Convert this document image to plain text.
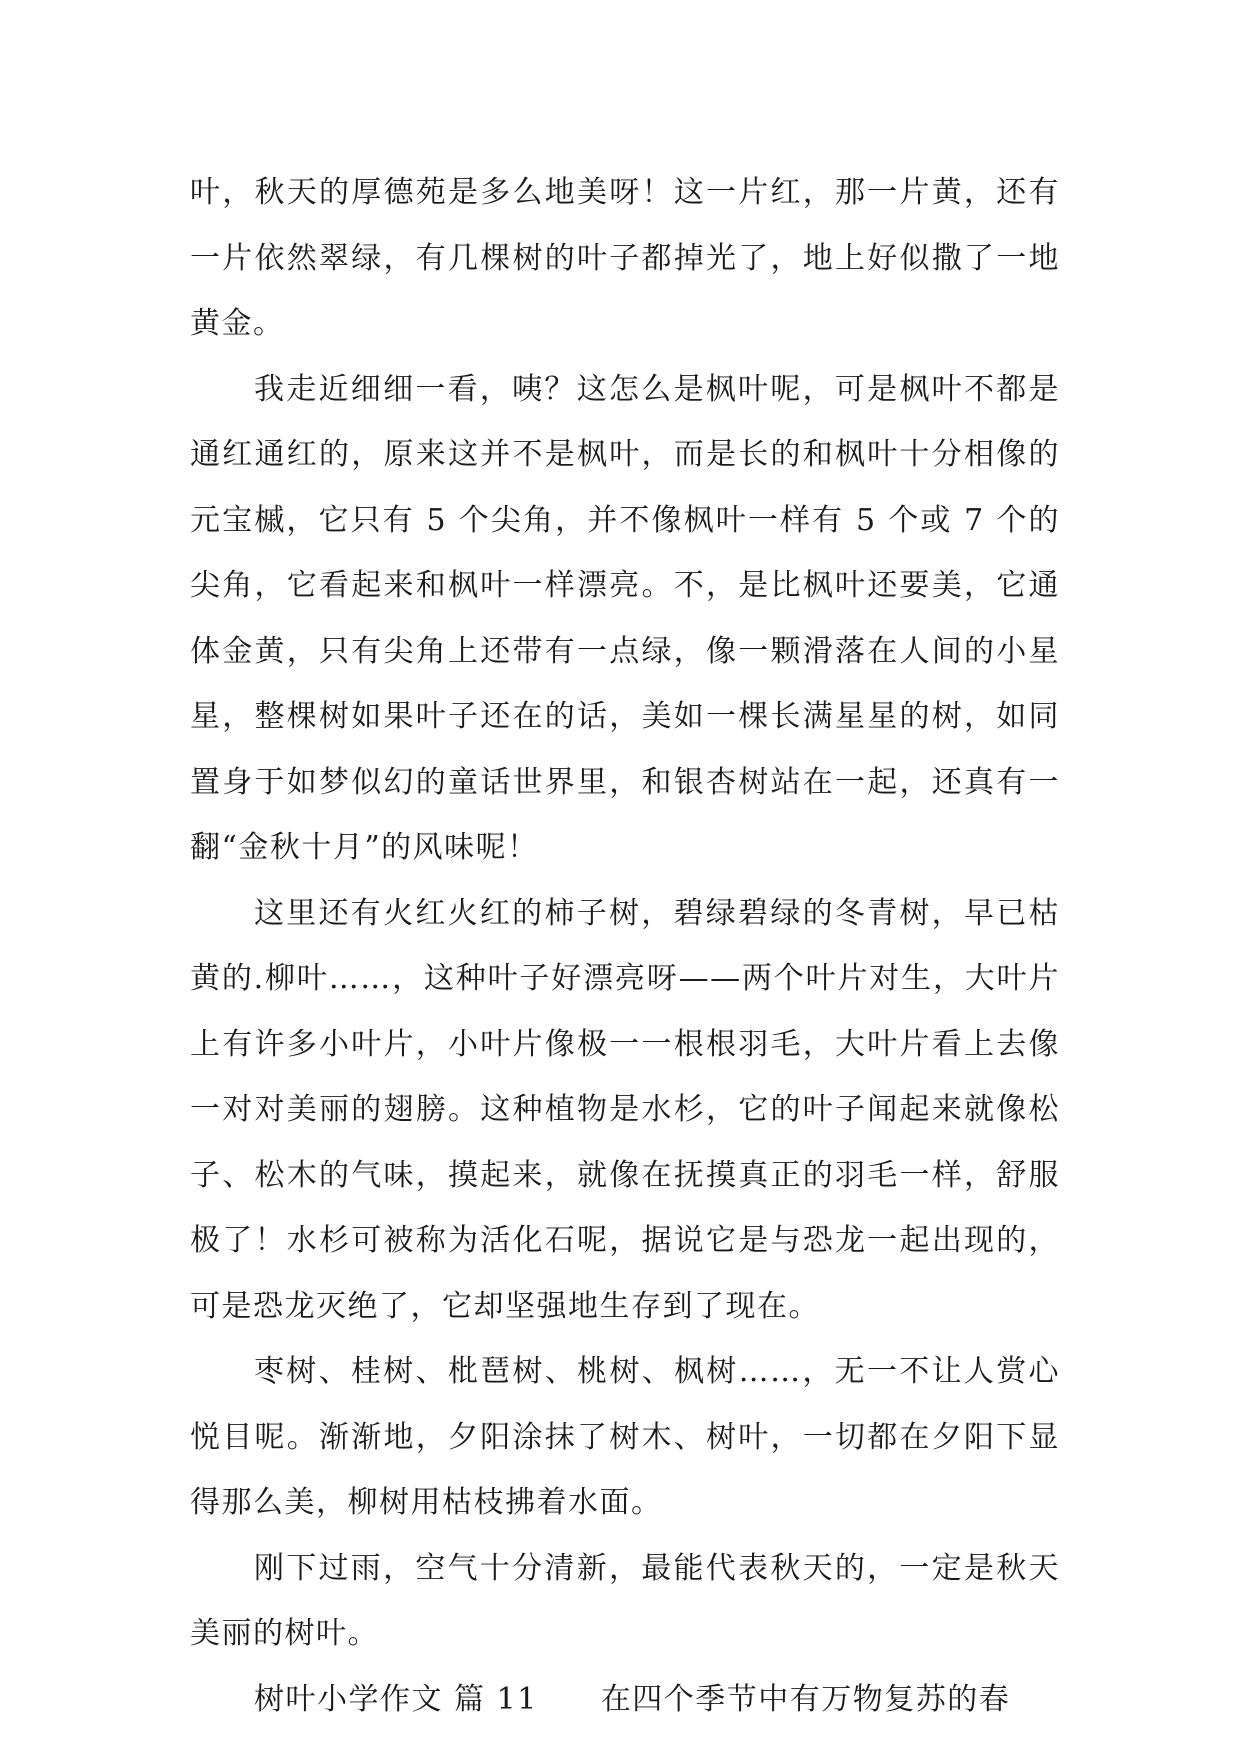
叶，秋天的厚德苑是多么地美呀！这一片红，那一片黄，还有一片依然翠绿，有几棵树的叶子都掉光了，地上好似撒了一地黄金。

我走近细细一看，咦？这怎么是枫叶呢，可是枫叶不都是通红通红的，原来这并不是枫叶，而是长的和枫叶十分相像的元宝槭，它只有 5 个尖角，并不像枫叶一样有 5 个或 7 个的尖角，它看起来和枫叶一样漂亮。不，是比枫叶还要美，它通体金黄，只有尖角上还带有一点绿，像一颗滑落在人间的小星星，整棵树如果叶子还在的话，美如一棵长满星星的树，如同置身于如梦似幻的童话世界里，和银杏树站在一起，还真有一翻“金秋十月”的风味呢！

这里还有火红火红的柿子树，碧绿碧绿的冬青树，早已枯黄的.柳叶……，这种叶子好漂亮呀——两个叶片对生，大叶片上有许多小叶片，小叶片像极一一根根羽毛，大叶片看上去像一对对美丽的翅膀。这种植物是水杉，它的叶子闻起来就像松子、松木的气味，摸起来，就像在抚摸真正的羽毛一样，舒服极了！水杉可被称为活化石呢，据说它是与恐龙一起出现的，可是恐龙灭绝了，它却坚强地生存到了现在。

枣树、桂树、枇琶树、桃树、枫树……，无一不让人赏心悦目呢。渐渐地，夕阳涂抹了树木、树叶，一切都在夕阳下显得那么美，柳树用枯枝拂着水面。

刚下过雨，空气十分清新，最能代表秋天的，一定是秋天美丽的树叶。

树叶小学作文 篇 11　　在四个季节中有万物复苏的春
